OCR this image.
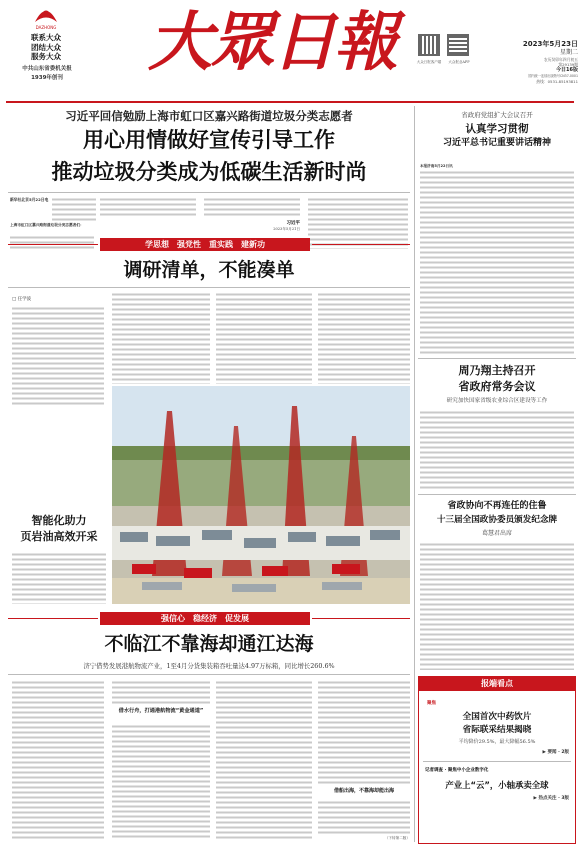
DAZHONG
联系大众
团结大众
服务大众
中共山东省委机关报
1939年创刊	大眾日報	大众日报客户端	大众报业APP
2023年5月23日
星期二
农历癸卯年四月初五
第29139期
今日16版
国内统一连续出版物号CN37-0001
热线：0531-85193811
习近平回信勉励上海市虹口区嘉兴路街道垃圾分类志愿者
用心用情做好宣传引导工作
推动垃圾分类成为低碳生活新时尚
新华社北京5月22日电
上海市虹口区嘉兴路街道垃圾分类志愿者们：	习近平
2023年5月21日
学思想　强党性　重实践　建新功
调研清单，不能凑单
□ 任学波
智能化助力
页岩油高效开采
强信心　稳经济　促发展
不临江不靠海却通江达海
济宁借势发展港航物流产业，1至4月分货集装箱吞吐量达4.97万标箱，同比增长260.6%
借水行舟，打通港航物流“黄金通道”
借船出海，不靠海却能出海
（下转第二版）
省政府党组扩大会议召开
认真学习贯彻
习近平总书记重要讲话精神
本报济南5月22日讯
周乃翔主持召开
省政府常务会议
研究加快国家省级农业综合区建设等工作
省政协向不再连任的住鲁
十三届全国政协委员颁发纪念牌
葛慧君出席
报端看点
聚焦
全国首次中药饮片
省际联采结果揭晓
平均降价29.5%，最大降幅56.5%
▶ 要闻 · 2版
记者调查 · 聚焦中小企业数字化
产业上“云”，小轴承卖全球
▶ 热点关注 · 3版
